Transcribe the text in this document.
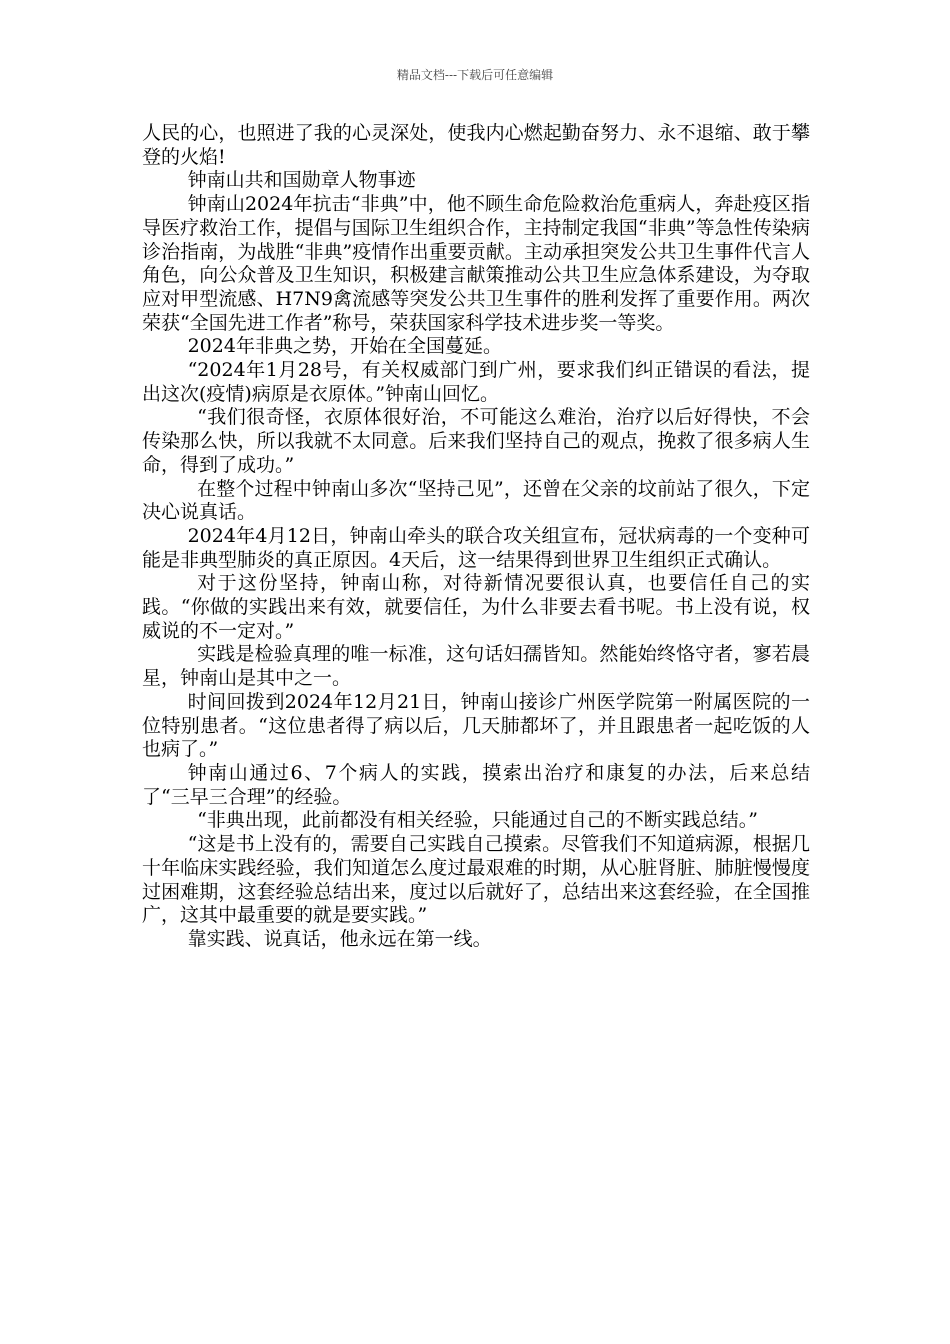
精品文档---下载后可任意编辑

人民的心，也照进了我的心灵深处，使我内心燃起勤奋努力、永不退缩、敢于攀登的火焰!

钟南山共和国勋章人物事迹

钟南山2024年抗击“非典”中，他不顾生命危险救治危重病人，奔赴疫区指导医疗救治工作，提倡与国际卫生组织合作，主持制定我国“非典”等急性传染病诊治指南，为战胜“非典”疫情作出重要贡献。主动承担突发公共卫生事件代言人角色，向公众普及卫生知识，积极建言献策推动公共卫生应急体系建设，为夺取应对甲型流感、H7N9禽流感等突发公共卫生事件的胜利发挥了重要作用。两次荣获“全国先进工作者”称号，荣获国家科学技术进步奖一等奖。

2024年非典之势，开始在全国蔓延。

“2024年1月28号，有关权威部门到广州，要求我们纠正错误的看法，提出这次(疫情)病原是衣原体。”钟南山回忆。

“我们很奇怪，衣原体很好治，不可能这么难治，治疗以后好得快，不会传染那么快，所以我就不太同意。后来我们坚持自己的观点，挽救了很多病人生命，得到了成功。”

在整个过程中钟南山多次“坚持己见”，还曾在父亲的坟前站了很久，下定决心说真话。

2024年4月12日，钟南山牵头的联合攻关组宣布，冠状病毒的一个变种可能是非典型肺炎的真正原因。4天后，这一结果得到世界卫生组织正式确认。

对于这份坚持，钟南山称，对待新情况要很认真，也要信任自己的实践。“你做的实践出来有效，就要信任，为什么非要去看书呢。书上没有说，权威说的不一定对。”

实践是检验真理的唯一标准，这句话妇孺皆知。然能始终恪守者，寥若晨星，钟南山是其中之一。

时间回拨到2024年12月21日，钟南山接诊广州医学院第一附属医院的一位特别患者。“这位患者得了病以后，几天肺都坏了，并且跟患者一起吃饭的人也病了。”

钟南山通过6、7个病人的实践，摸索出治疗和康复的办法，后来总结了“三早三合理”的经验。

“非典出现，此前都没有相关经验，只能通过自己的不断实践总结。”

“这是书上没有的，需要自己实践自己摸索。尽管我们不知道病源，根据几十年临床实践经验，我们知道怎么度过最艰难的时期，从心脏肾脏、肺脏慢慢度过困难期，这套经验总结出来，度过以后就好了，总结出来这套经验，在全国推广，这其中最重要的就是要实践。”

靠实践、说真话，他永远在第一线。
